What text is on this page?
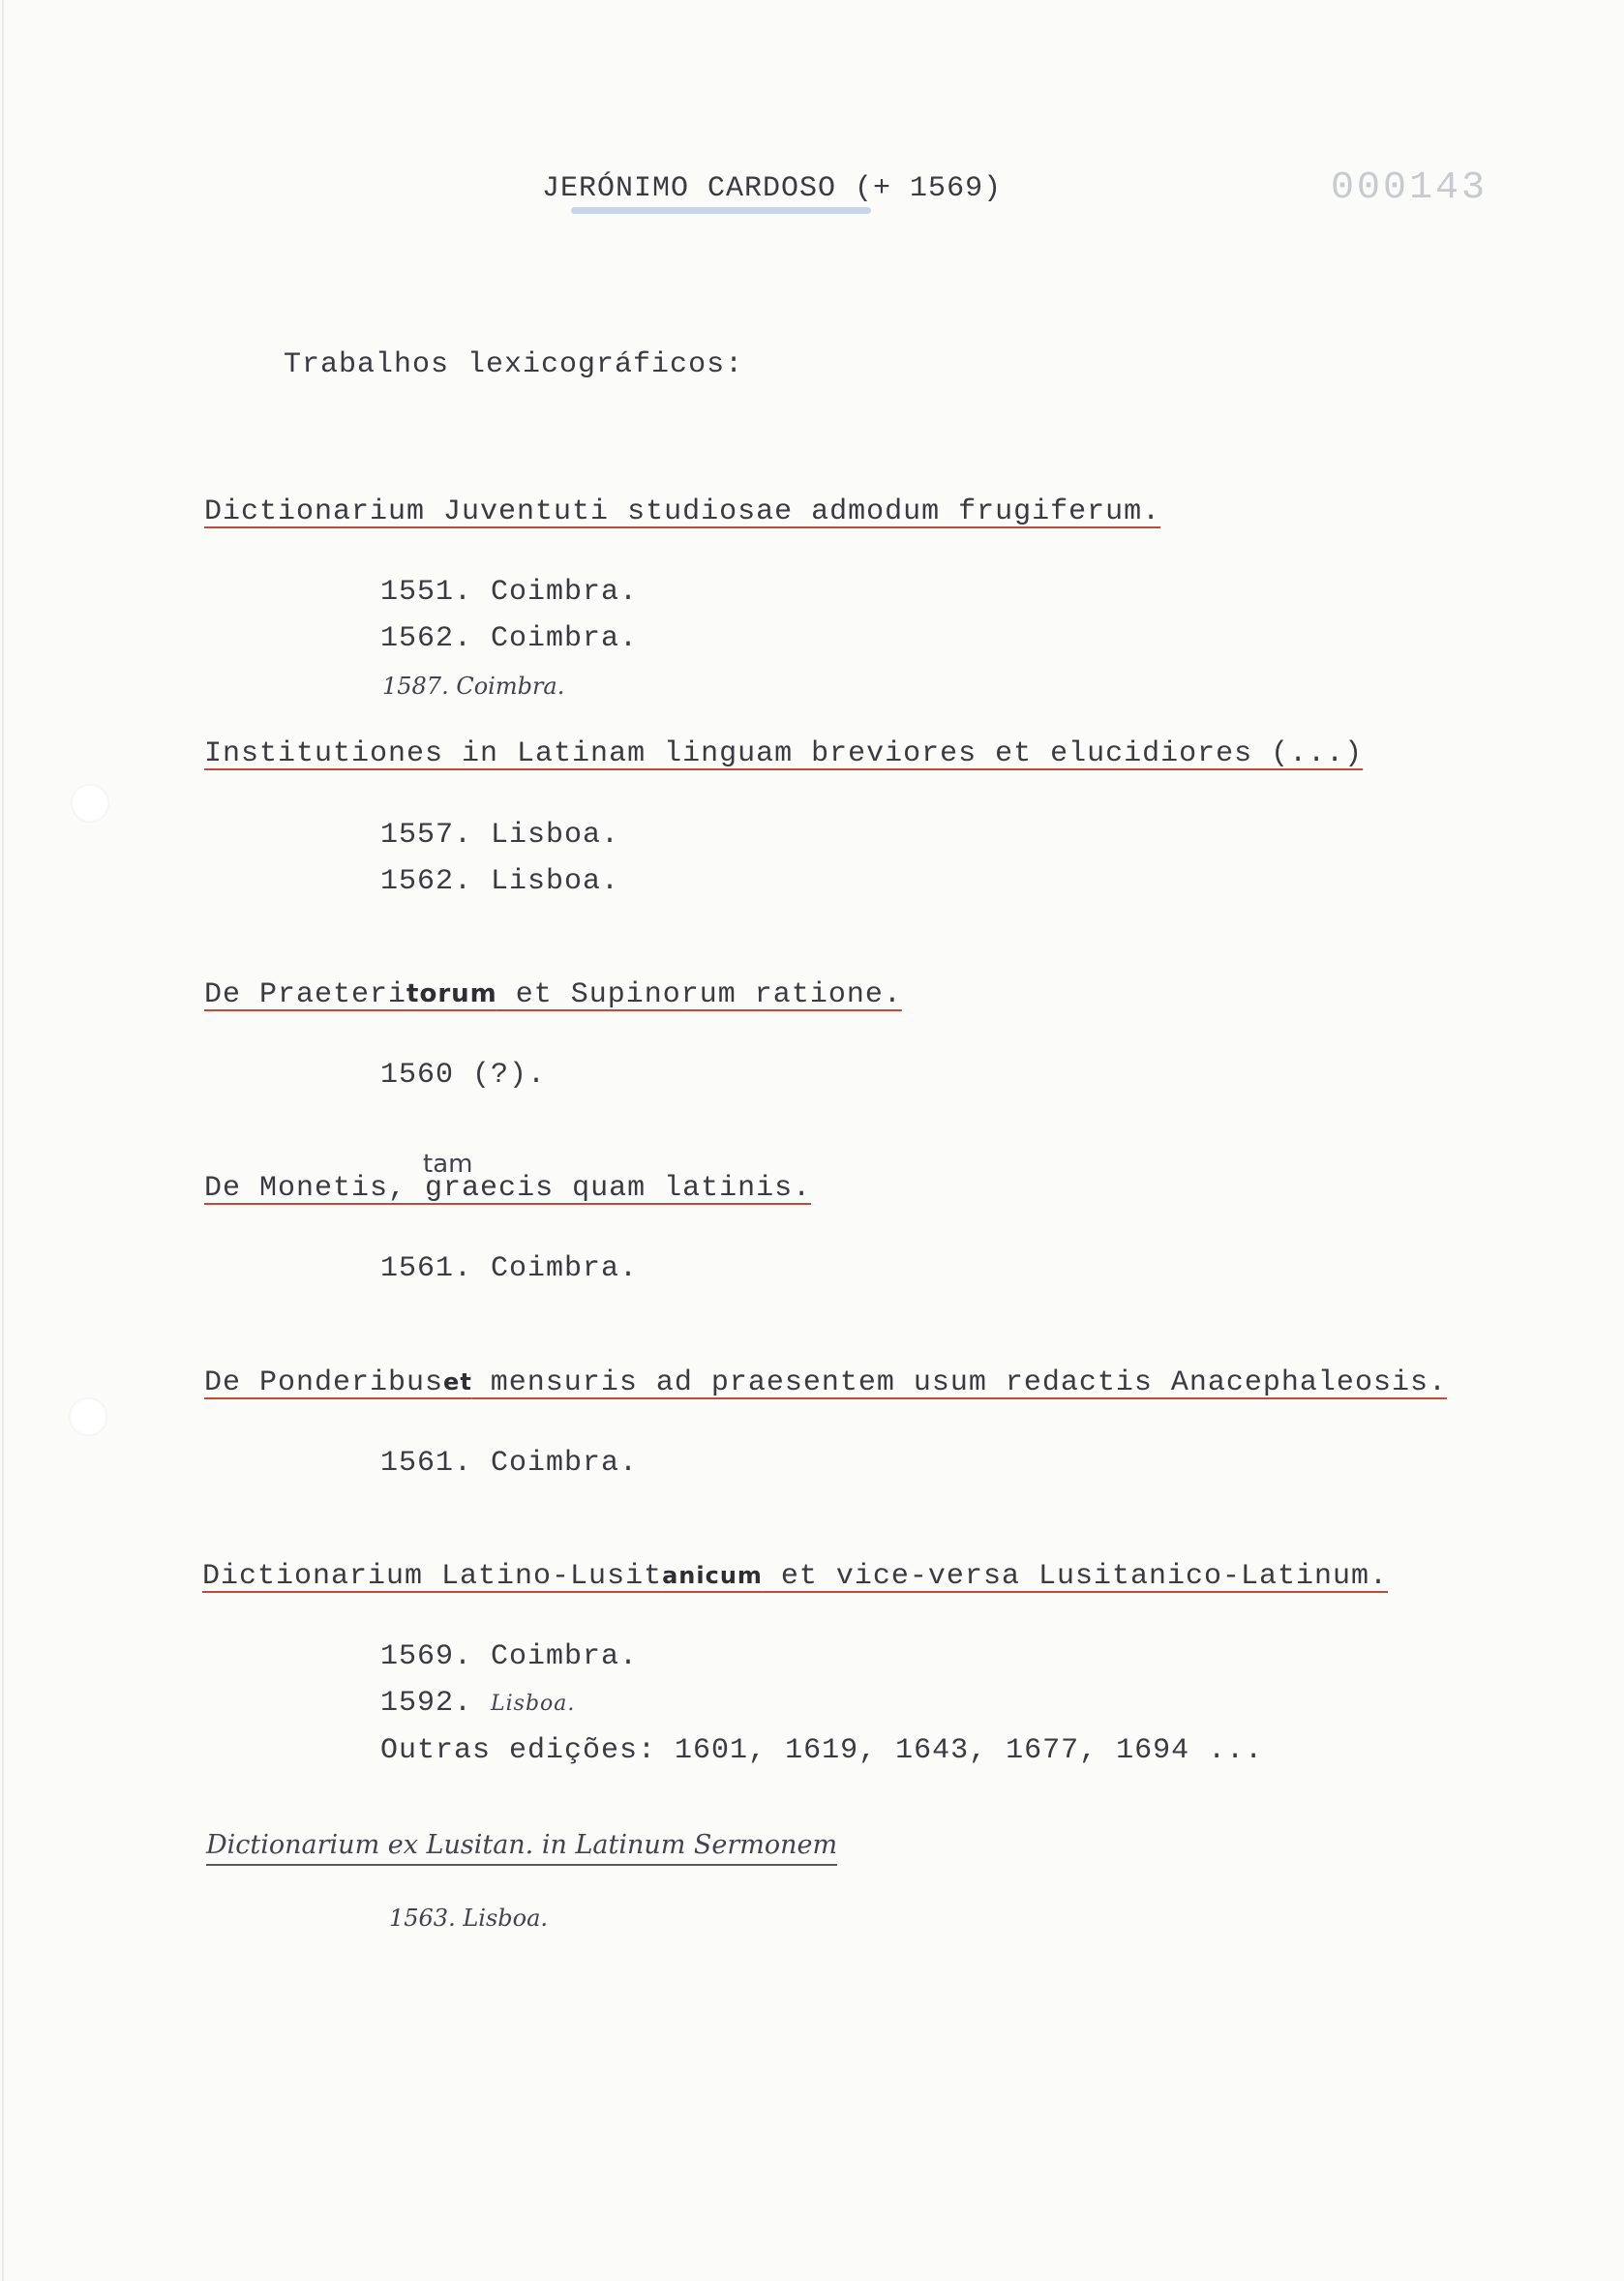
JERÓNIMO CARDOSO (+ 1569)	000143
Trabalhos lexicográficos:
Dictionarium Juventuti studiosae admodum frugiferum.
1551. Coimbra.
1562. Coimbra.
1587. Coimbra.
Institutiones in Latinam linguam breviores et elucidiores (...)
1557. Lisboa.
1562. Lisboa.
De Praeteritorum et Supinorum ratione.
1560 (?).
tam
De Monetis, graecis quam latinis.
1561. Coimbra.
De Ponderibuset mensuris ad praesentem usum redactis Anacephaleosis.
1561. Coimbra.
Dictionarium Latino-Lusitanicum et vice-versa Lusitanico-Latinum.
1569. Coimbra.
1592. Lisboa.
Outras edições: 1601, 1619, 1643, 1677, 1694 ...
Dictionarium ex Lusitan. in Latinum Sermonem
1563. Lisboa.
